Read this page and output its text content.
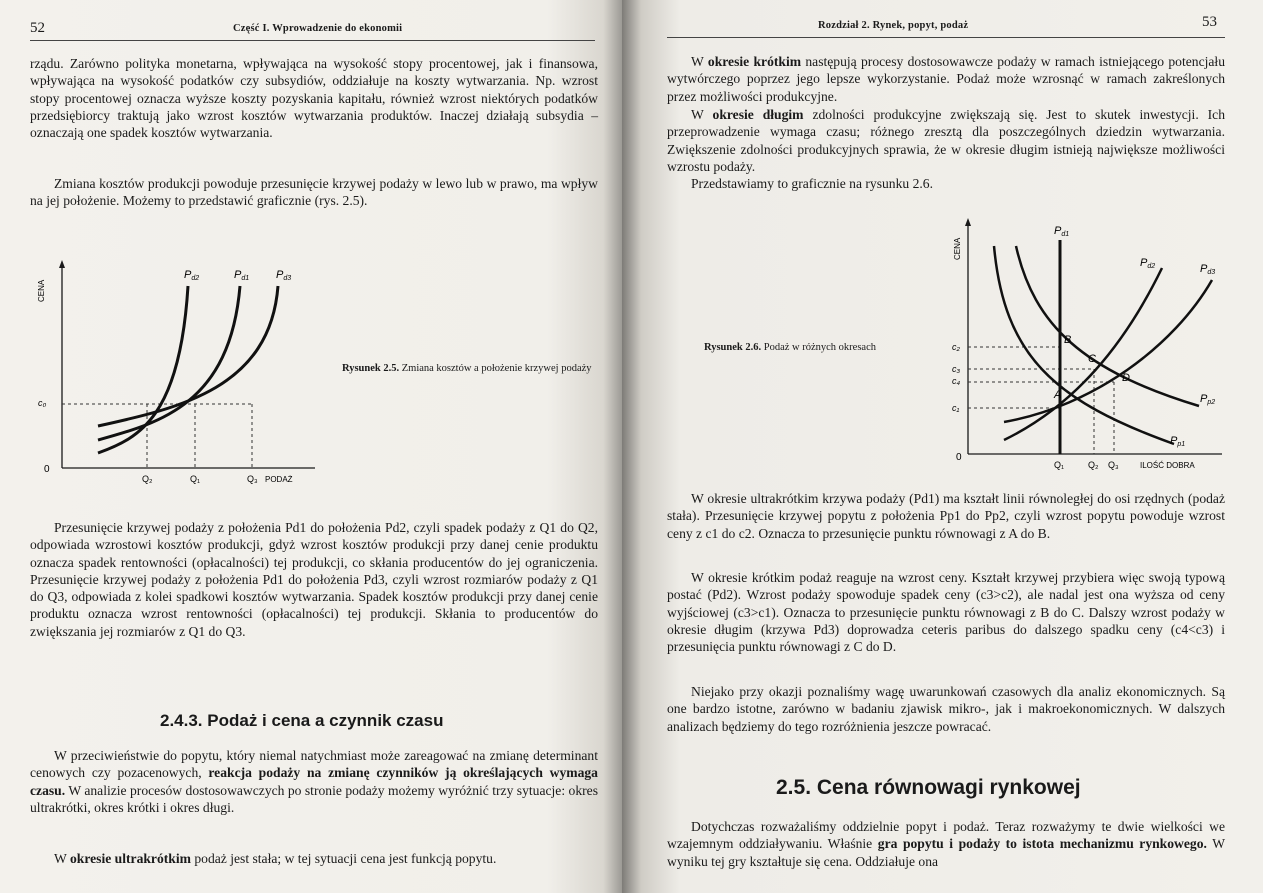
52	Część I. Wprowadzenie do ekonomii

rządu. Zarówno polityka monetarna, wpływająca na wysokość stopy procentowej, jak i finansowa, wpływająca na wysokość podatków czy subsydiów, oddziałuje na koszty wytwarzania. Np. wzrost stopy procentowej oznacza wyższe koszty pozyskania kapitału, również wzrost niektórych podatków przedsiębiorcy traktują jako wzrost kosztów wytwarzania produktów. Inaczej działają subsydia – oznaczają one spadek kosztów wytwarzania.

Zmiana kosztów produkcji powoduje przesunięcie krzywej podaży w lewo lub w prawo, ma wpływ na jej położenie. Możemy to przedstawić graficznie (rys. 2.5).

CENA
c₀
0
Pd2	Pd1 Pd3
Q₂	Q₁	Q₃ PODAŻ
Rysunek 2.5. Zmiana kosztów a położenie krzywej podaży

Przesunięcie krzywej podaży z położenia Pd1 do położenia Pd2, czyli spadek podaży z Q1 do Q2, odpowiada wzrostowi kosztów produkcji, gdyż wzrost kosztów produkcji przy danej cenie produktu oznacza spadek rentowności (opłacalności) tej produkcji, co skłania producentów do jej ograniczenia. Przesunięcie krzywej podaży z położenia Pd1 do położenia Pd3, czyli wzrost rozmiarów podaży z Q1 do Q3, odpowiada z kolei spadkowi kosztów wytwarzania. Spadek kosztów produkcji przy danej cenie produktu oznacza wzrost rentowności (opłacalności) tej produkcji. Skłania to producentów do zwiększania jej rozmiarów z Q1 do Q3.

2.4.3. Podaż i cena a czynnik czasu

W przeciwieństwie do popytu, który niemal natychmiast może zareagować na zmianę determinant cenowych czy pozacenowych, reakcja podaży na zmianę czynników ją określających wymaga czasu. W analizie procesów dostosowawczych po stronie podaży możemy wyróżnić trzy sytuacje: okres ultrakrótki, okres krótki i okres długi.

W okresie ultrakrótkim podaż jest stała; w tej sytuacji cena jest funkcją popytu.

Rozdział 2. Rynek, popyt, podaż	53

W okresie krótkim następują procesy dostosowawcze podaży w ramach istniejącego potencjału wytwórczego poprzez jego lepsze wykorzystanie. Podaż może wzrosnąć w ramach zakreślonych przez możliwości produkcyjne.

W okresie długim zdolności produkcyjne zwiększają się. Jest to skutek inwestycji. Ich przeprowadzenie wymaga czasu; różnego zresztą dla poszczególnych dziedzin wytwarzania. Zwiększenie zdolności produkcyjnych sprawia, że w okresie długim istnieją największe możliwości wzrostu podaży.

Przedstawiamy to graficznie na rysunku 2.6.

Rysunek 2.6. Podaż w różnych okresach
CENA
0
c₂
c₃
c₄
c₁
Pd1
Pd2	Pd3
Pp2
Pp1
B
C
D
A
Q₁	Q₂ Q₃	ILOŚĆ DOBRA

W okresie ultrakrótkim krzywa podaży (Pd1) ma kształt linii równoległej do osi rzędnych (podaż stała). Przesunięcie krzywej popytu z położenia Pp1 do Pp2, czyli wzrost popytu powoduje wzrost ceny z c1 do c2. Oznacza to przesunięcie punktu równowagi z A do B.

W okresie krótkim podaż reaguje na wzrost ceny. Kształt krzywej przybiera więc swoją typową postać (Pd2). Wzrost podaży spowoduje spadek ceny (c3>c2), ale nadal jest ona wyższa od ceny wyjściowej (c3>c1). Oznacza to przesunięcie punktu równowagi z B do C. Dalszy wzrost podaży w okresie długim (krzywa Pd3) doprowadza ceteris paribus do dalszego spadku ceny (c4<c3) i przesunięcia punktu równowagi z C do D.

Niejako przy okazji poznaliśmy wagę uwarunkowań czasowych dla analiz ekonomicznych. Są one bardzo istotne, zarówno w badaniu zjawisk mikro-, jak i makroekonomicznych. W dalszych analizach będziemy do tego rozróżnienia jeszcze powracać.

2.5. Cena równowagi rynkowej

Dotychczas rozważaliśmy oddzielnie popyt i podaż. Teraz rozważymy te dwie wielkości we wzajemnym oddziaływaniu. Właśnie gra popytu i podaży to istota mechanizmu rynkowego. W wyniku tej gry kształtuje się cena. Oddziałuje ona
